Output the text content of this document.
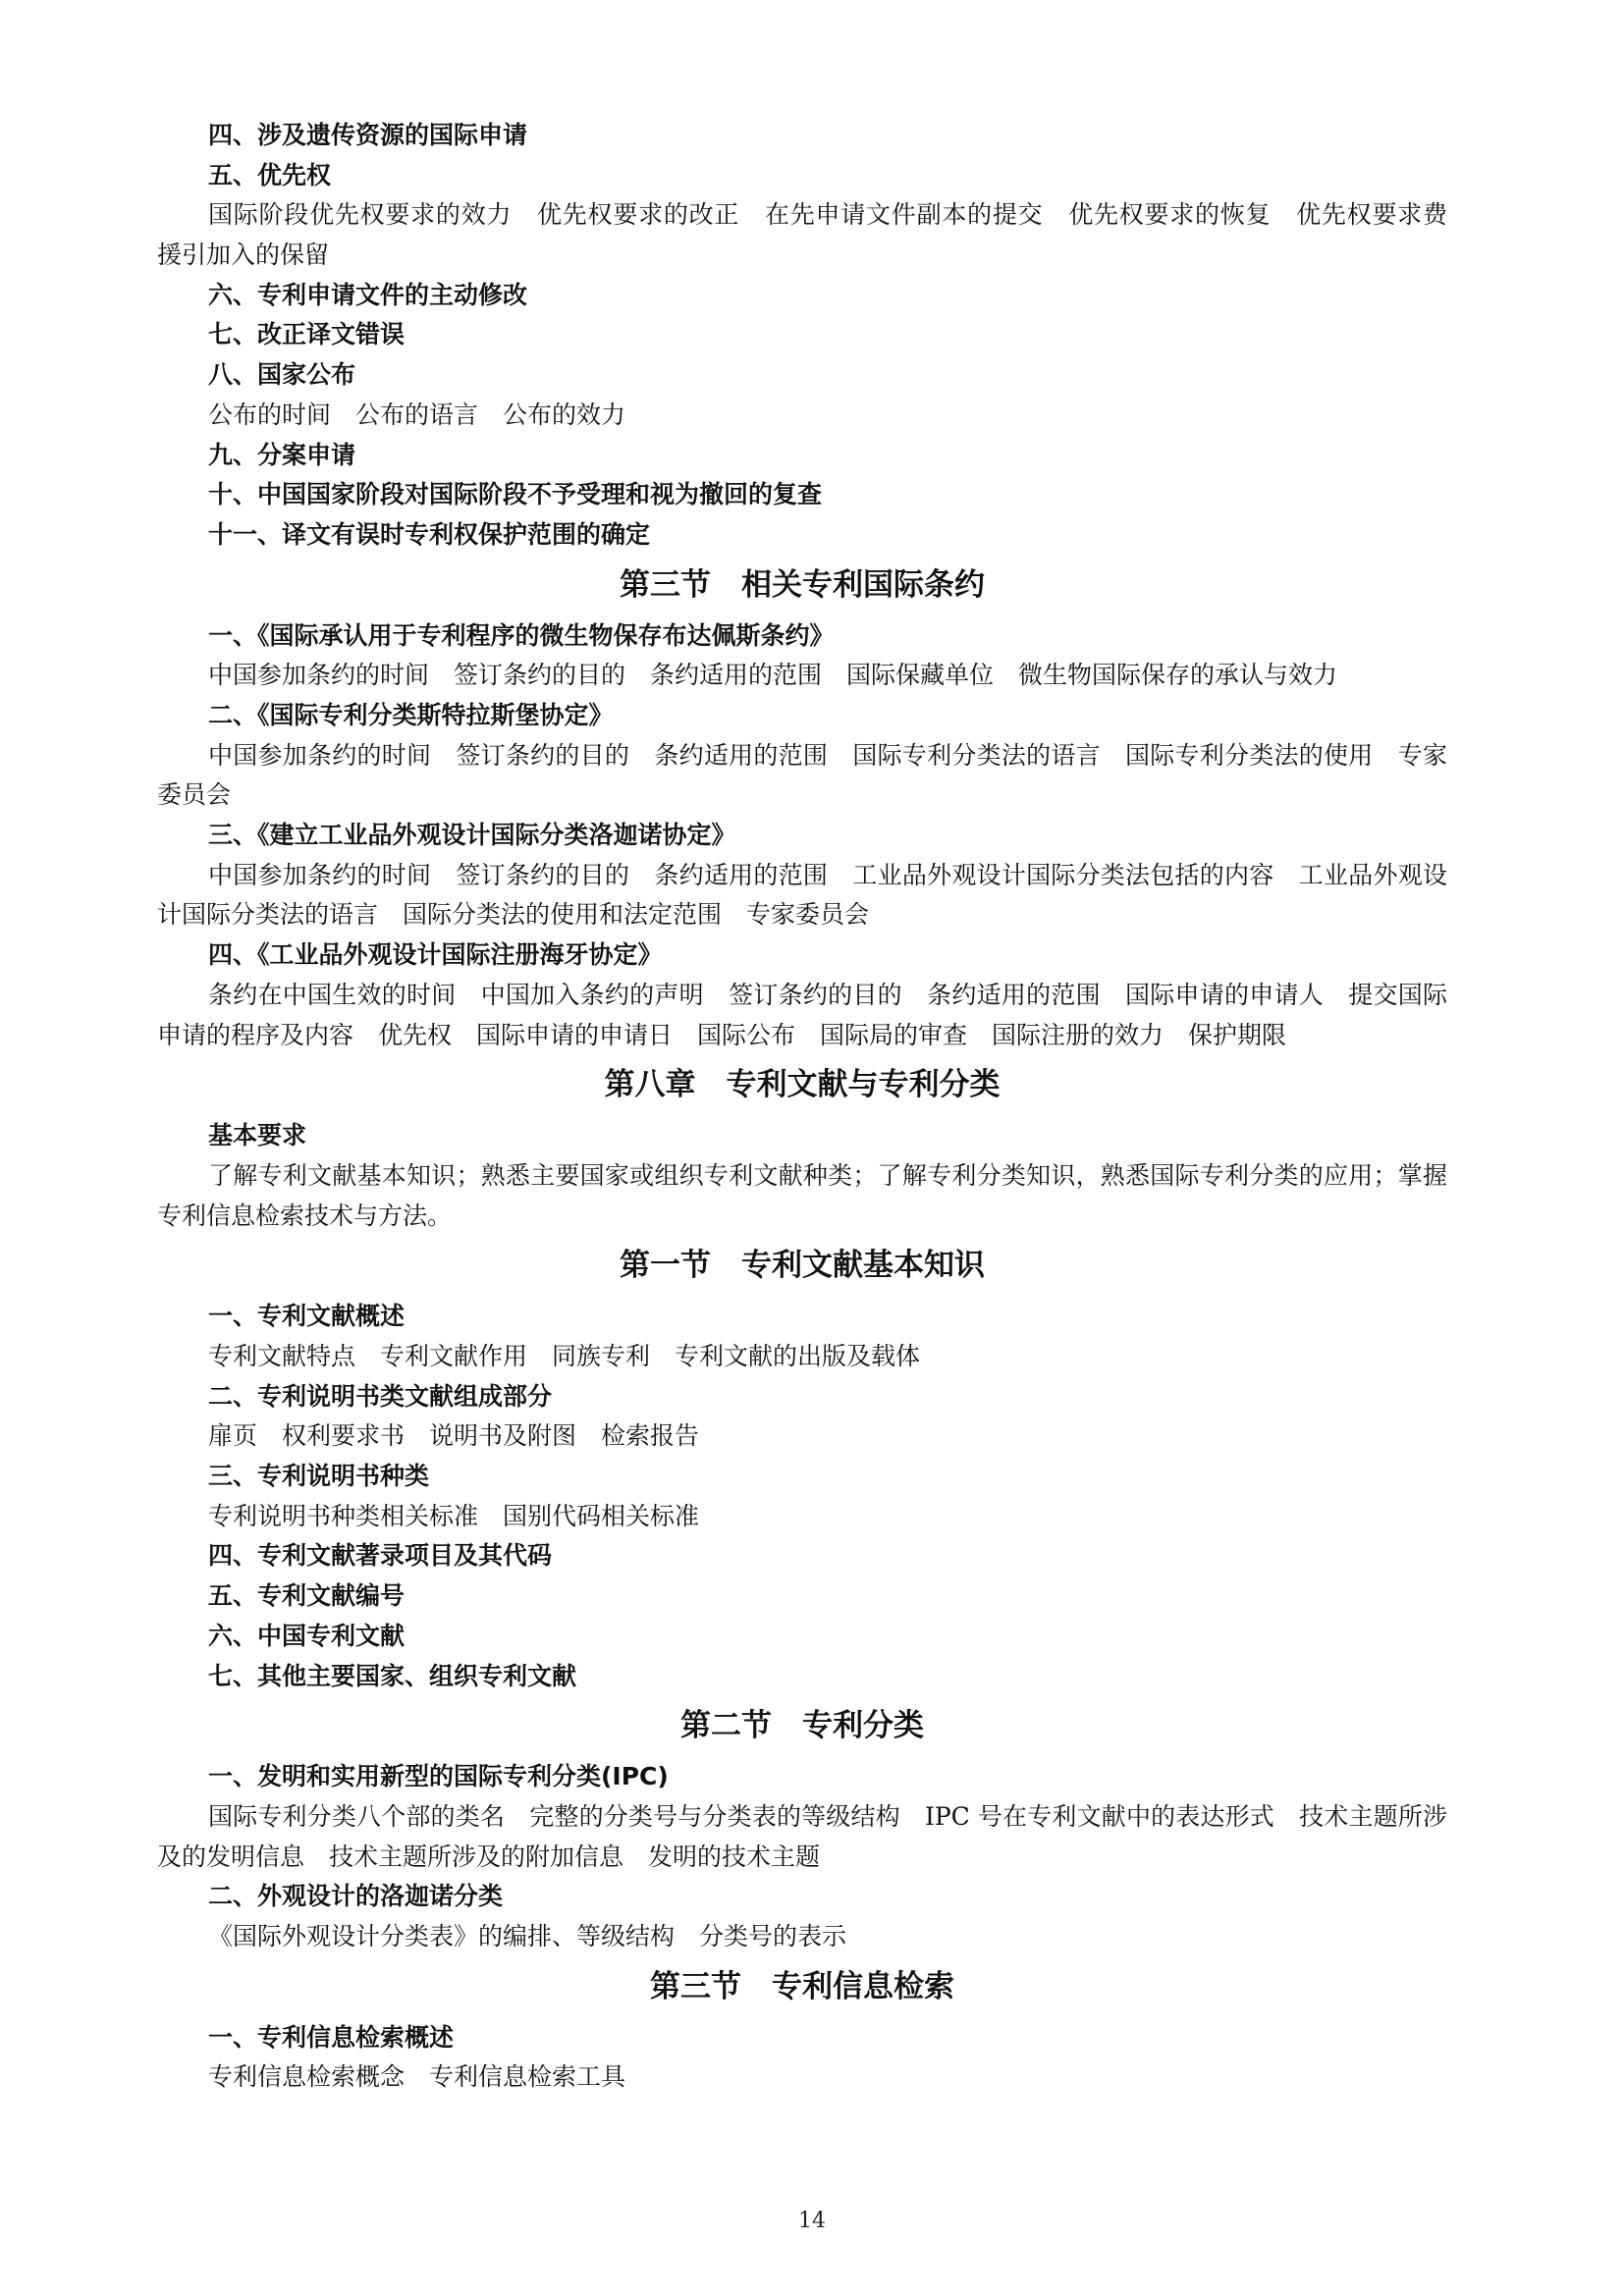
四、涉及遗传资源的国际申请
五、优先权
国际阶段优先权要求的效力　优先权要求的改正　在先申请文件副本的提交　优先权要求的恢复　优先权要求费　援引加入的保留
六、专利申请文件的主动修改
七、改正译文错误
八、国家公布
公布的时间　公布的语言　公布的效力
九、分案申请
十、中国国家阶段对国际阶段不予受理和视为撤回的复查
十一、译文有误时专利权保护范围的确定
第三节　相关专利国际条约
一、《国际承认用于专利程序的微生物保存布达佩斯条约》
中国参加条约的时间　签订条约的目的　条约适用的范围　国际保藏单位　微生物国际保存的承认与效力
二、《国际专利分类斯特拉斯堡协定》
中国参加条约的时间　签订条约的目的　条约适用的范围　国际专利分类法的语言　国际专利分类法的使用　专家委员会
三、《建立工业品外观设计国际分类洛迦诺协定》
中国参加条约的时间　签订条约的目的　条约适用的范围　工业品外观设计国际分类法包括的内容　工业品外观设计国际分类法的语言　国际分类法的使用和法定范围　专家委员会
四、《工业品外观设计国际注册海牙协定》
条约在中国生效的时间　中国加入条约的声明　签订条约的目的　条约适用的范围　国际申请的申请人　提交国际申请的程序及内容　优先权　国际申请的申请日　国际公布　国际局的审查　国际注册的效力　保护期限
第八章　专利文献与专利分类
基本要求
了解专利文献基本知识；熟悉主要国家或组织专利文献种类；了解专利分类知识，熟悉国际专利分类的应用；掌握专利信息检索技术与方法。
第一节　专利文献基本知识
一、专利文献概述
专利文献特点　专利文献作用　同族专利　专利文献的出版及载体
二、专利说明书类文献组成部分
扉页　权利要求书　说明书及附图　检索报告
三、专利说明书种类
专利说明书种类相关标准　国别代码相关标准
四、专利文献著录项目及其代码
五、专利文献编号
六、中国专利文献
七、其他主要国家、组织专利文献
第二节　专利分类
一、发明和实用新型的国际专利分类(IPC)
国际专利分类八个部的类名　完整的分类号与分类表的等级结构　IPC 号在专利文献中的表达形式　技术主题所涉及的发明信息　技术主题所涉及的附加信息　发明的技术主题
二、外观设计的洛迦诺分类
《国际外观设计分类表》的编排、等级结构　分类号的表示
第三节　专利信息检索
一、专利信息检索概述
专利信息检索概念　专利信息检索工具
14
